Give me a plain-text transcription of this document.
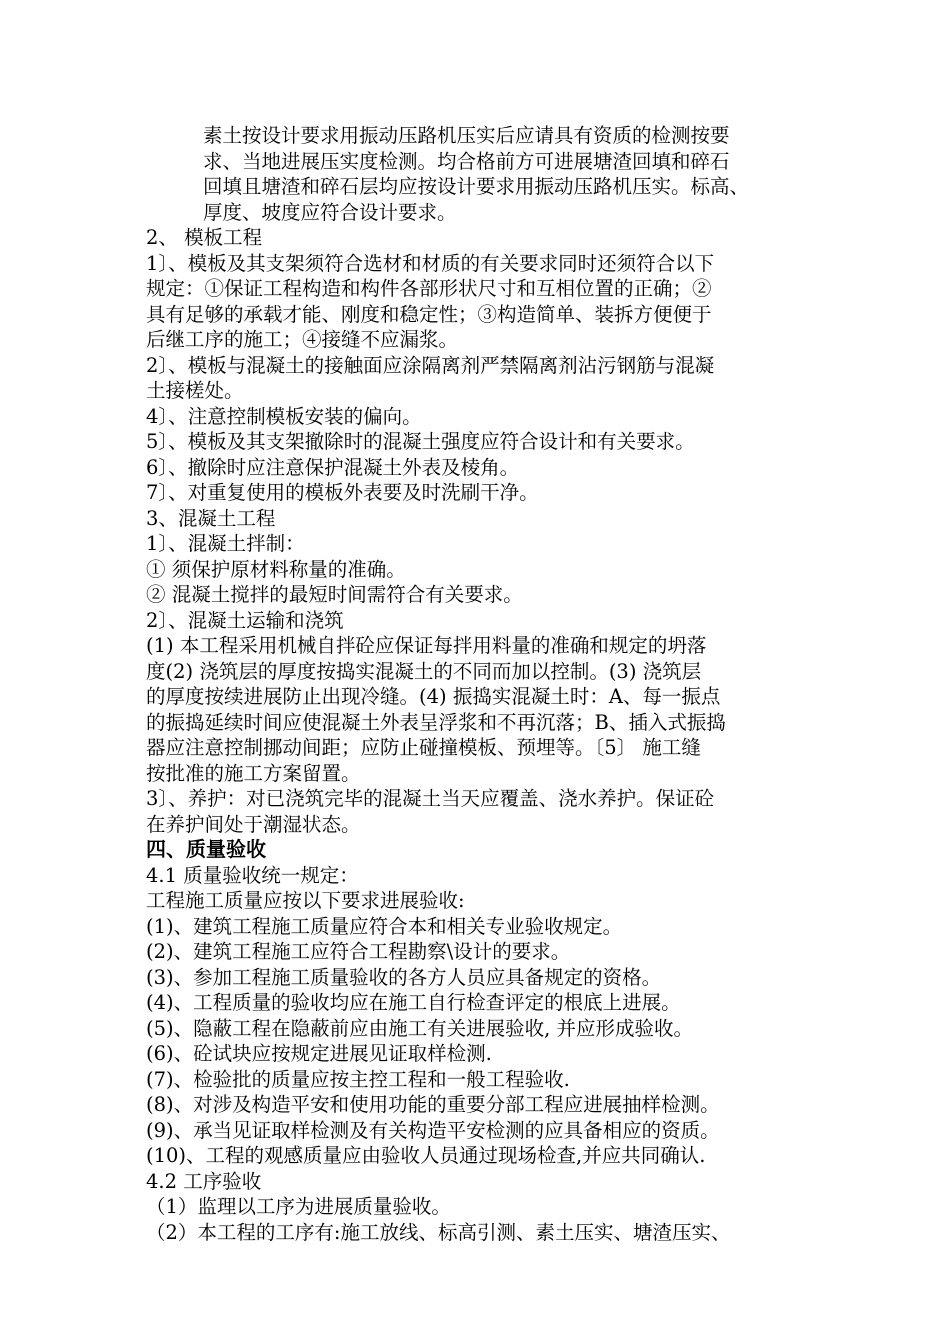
素土按设计要求用振动压路机压实后应请具有资质的检测按要
求、当地进展压实度检测。均合格前方可进展塘渣回填和碎石
回填且塘渣和碎石层均应按设计要求用振动压路机压实。标高、
厚度、坡度应符合设计要求。
2、 模板工程
1〕、模板及其支架须符合选材和材质的有关要求同时还须符合以下
规定：①保证工程构造和构件各部形状尺寸和互相位置的正确；②
具有足够的承载才能、刚度和稳定性；③构造简单、装拆方便便于
后继工序的施工；④接缝不应漏浆。
2〕、模板与混凝土的接触面应涂隔离剂严禁隔离剂沾污钢筋与混凝
土接槎处。
4〕、注意控制模板安装的偏向。
5〕、模板及其支架撤除时的混凝土强度应符合设计和有关要求。
6〕、撤除时应注意保护混凝土外表及棱角。
7〕、对重复使用的模板外表要及时洗刷干净。
3、混凝土工程
1〕、混凝土拌制：
① 须保护原材料称量的准确。
② 混凝土搅拌的最短时间需符合有关要求。
2〕、混凝土运输和浇筑
(1) 本工程采用机械自拌砼应保证每拌用料量的准确和规定的坍落
度(2) 浇筑层的厚度按捣实混凝土的不同而加以控制。(3) 浇筑层
的厚度按续进展防止出现冷缝。(4) 振捣实混凝土时：A、每一振点
的振捣延续时间应使混凝土外表呈浮浆和不再沉落；B、插入式振捣
器应注意控制挪动间距；应防止碰撞模板、预埋等。〔5〕 施工缝
按批准的施工方案留置。
3〕、养护：对已浇筑完毕的混凝土当天应覆盖、浇水养护。保证砼
在养护间处于潮湿状态。
四、质量验收
4.1 质量验收统一规定：
工程施工质量应按以下要求进展验收:
(1)、建筑工程施工质量应符合本和相关专业验收规定。
(2)、建筑工程施工应符合工程勘察\设计的要求。
(3)、参加工程施工质量验收的各方人员应具备规定的资格。
(4)、工程质量的验收均应在施工自行检查评定的根底上进展。
(5)、隐蔽工程在隐蔽前应由施工有关进展验收, 并应形成验收。
(6)、砼试块应按规定进展见证取样检测.
(7)、检验批的质量应按主控工程和一般工程验收.
(8)、对涉及构造平安和使用功能的重要分部工程应进展抽样检测。
(9)、承当见证取样检测及有关构造平安检测的应具备相应的资质。
(10)、工程的观感质量应由验收人员通过现场检查,并应共同确认.
4.2 工序验收
（1）监理以工序为进展质量验收。
（2）本工程的工序有:施工放线、标高引测、素土压实、塘渣压实、
